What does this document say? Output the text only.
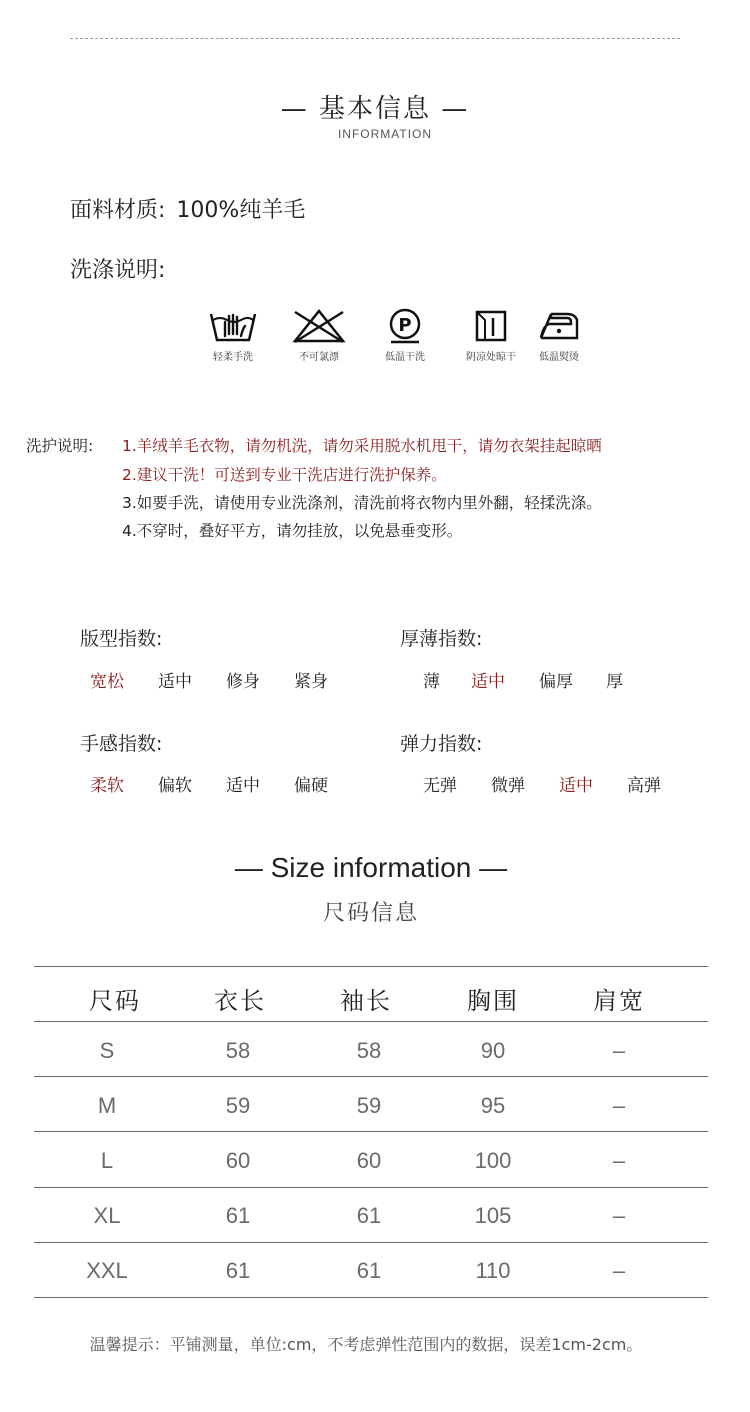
— 基本信息 —
INFORMATION
面料材质: 100%纯羊毛
洗涤说明:
轻柔手洗	不可氯漂
P
低温干洗	阴凉处晾干	低温熨烫
洗护说明: 1.羊绒羊毛衣物，请勿机洗，请勿采用脱水机甩干，请勿衣架挂起晾晒
2.建议干洗！可送到专业干洗店进行洗护保养。
3.如要手洗，请使用专业洗涤剂，清洗前将衣物内里外翻，轻揉洗涤。
4.不穿时，叠好平方，请勿挂放，以免悬垂变形。
版型指数:	厚薄指数:
手感指数:	弹力指数:
宽松 适中 修身 紧身	薄 适中 偏厚 厚
柔软 偏软 适中 偏硬	无弹 微弹 适中 高弹
— Size information —
尺码信息
尺码	衣长	袖长	胸围	肩宽
S	58	58	90	–
M	59	59	95	–
L	60	60	100	–
XL	61	61	105	–
XXL	61	61	110	–
温馨提示：平铺测量，单位:cm，不考虑弹性范围内的数据，误差1cm-2cm。
